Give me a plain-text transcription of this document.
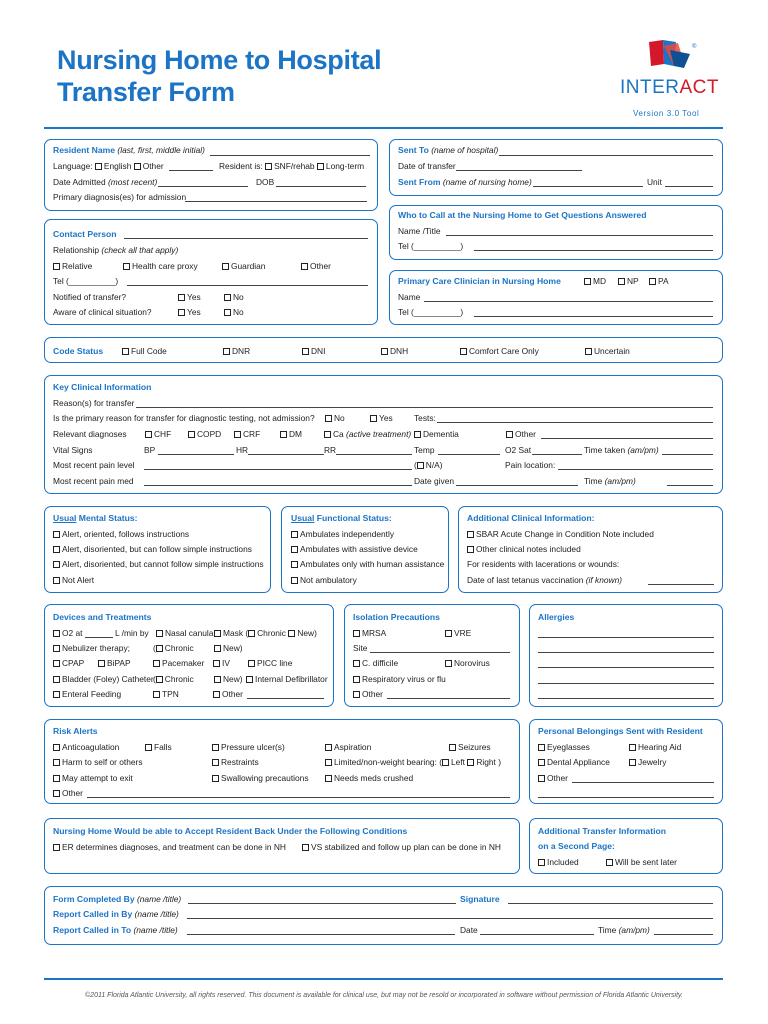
Nursing Home to Hospital
Transfer Form
®
INTERACT
Version 3.0 Tool
Resident Name (last, first, middle initial)
Language: English Other	Resident is: SNF/rehab Long-term
Date Admitted (most recent)	DOB
Primary diagnosis(es) for admission
Contact Person
Relationship (check all that apply)
Relative	Health care proxy	Guardian	Other
Tel (__________)
Notified of transfer?	Yes	No
Aware of clinical situation?	Yes	No
Sent To (name of hospital)
Date of transfer
Sent From (name of nursing home)	Unit
Who to Call at the Nursing Home to Get Questions Answered
Name /Title
Tel (__________)
Primary Care Clinician in Nursing Home	MD	NP	PA
Name
Tel (__________)
Code Status	Full Code	DNR	DNI	DNH	Comfort Care Only	Uncertain
Key Clinical Information
Reason(s) for transfer
Is the primary reason for transfer for diagnostic testing, not admission?	No	Yes	Tests:
Relevant diagnoses	CHF	COPD	CRF	DM	Ca (active treatment)	Dementia	Other
Vital Signs	BP	HR	RR	Temp	O2 Sat	Time taken (am/pm)
Most recent pain level	( N/A)	Pain location:
Most recent pain med	Date given	Time (am/pm)
Usual Mental Status:
Alert, oriented, follows instructions
Alert, disoriented, but can follow simple instructions
Alert, disoriented, but cannot follow simple instructions
Not Alert
Usual Functional Status:
Ambulates independently
Ambulates with assistive device
Ambulates only with human assistance
Not ambulatory
Additional Clinical Information:
SBAR Acute Change in Condition Note included
Other clinical notes included
For residents with lacerations or wounds:
Date of last tetanus vaccination (if known)
Devices and Treatments
O2 at	L /min by	Nasal canula	Mask ( Chronic New)
Nebulizer therapy;	( Chronic	New)
CPAP	BiPAP	Pacemaker	IV	PICC line
Bladder (Foley) Catheter ( Chronic	New)	Internal Defibrillator
Enteral Feeding	TPN	Other
Isolation Precautions
MRSA	VRE
Site
C. difficile	Norovirus
Respiratory virus or flu
Other
Allergies
Risk Alerts
Anticoagulation	Falls	Pressure ulcer(s)	Aspiration	Seizures
Harm to self or others	Restraints	Limited/non-weight bearing: ( Left Right )
May attempt to exit	Swallowing precautions	Needs meds crushed
Other
Personal Belongings Sent with Resident
Eyeglasses	Hearing Aid
Dental Appliance	Jewelry
Other
Nursing Home Would be able to Accept Resident Back Under the Following Conditions
ER determines diagnoses, and treatment can be done in NH	VS stabilized and follow up plan can be done in NH
Additional Transfer Information
on a Second Page:
Included	Will be sent later
Form Completed By (name /title)	Signature
Report Called in By (name /title)
Report Called in To (name /title)	Date	Time (am/pm)
©2011 Florida Atlantic University, all rights reserved. This document is available for clinical use, but may not be resold or incorporated in software without permission of Florida Atlantic University.
